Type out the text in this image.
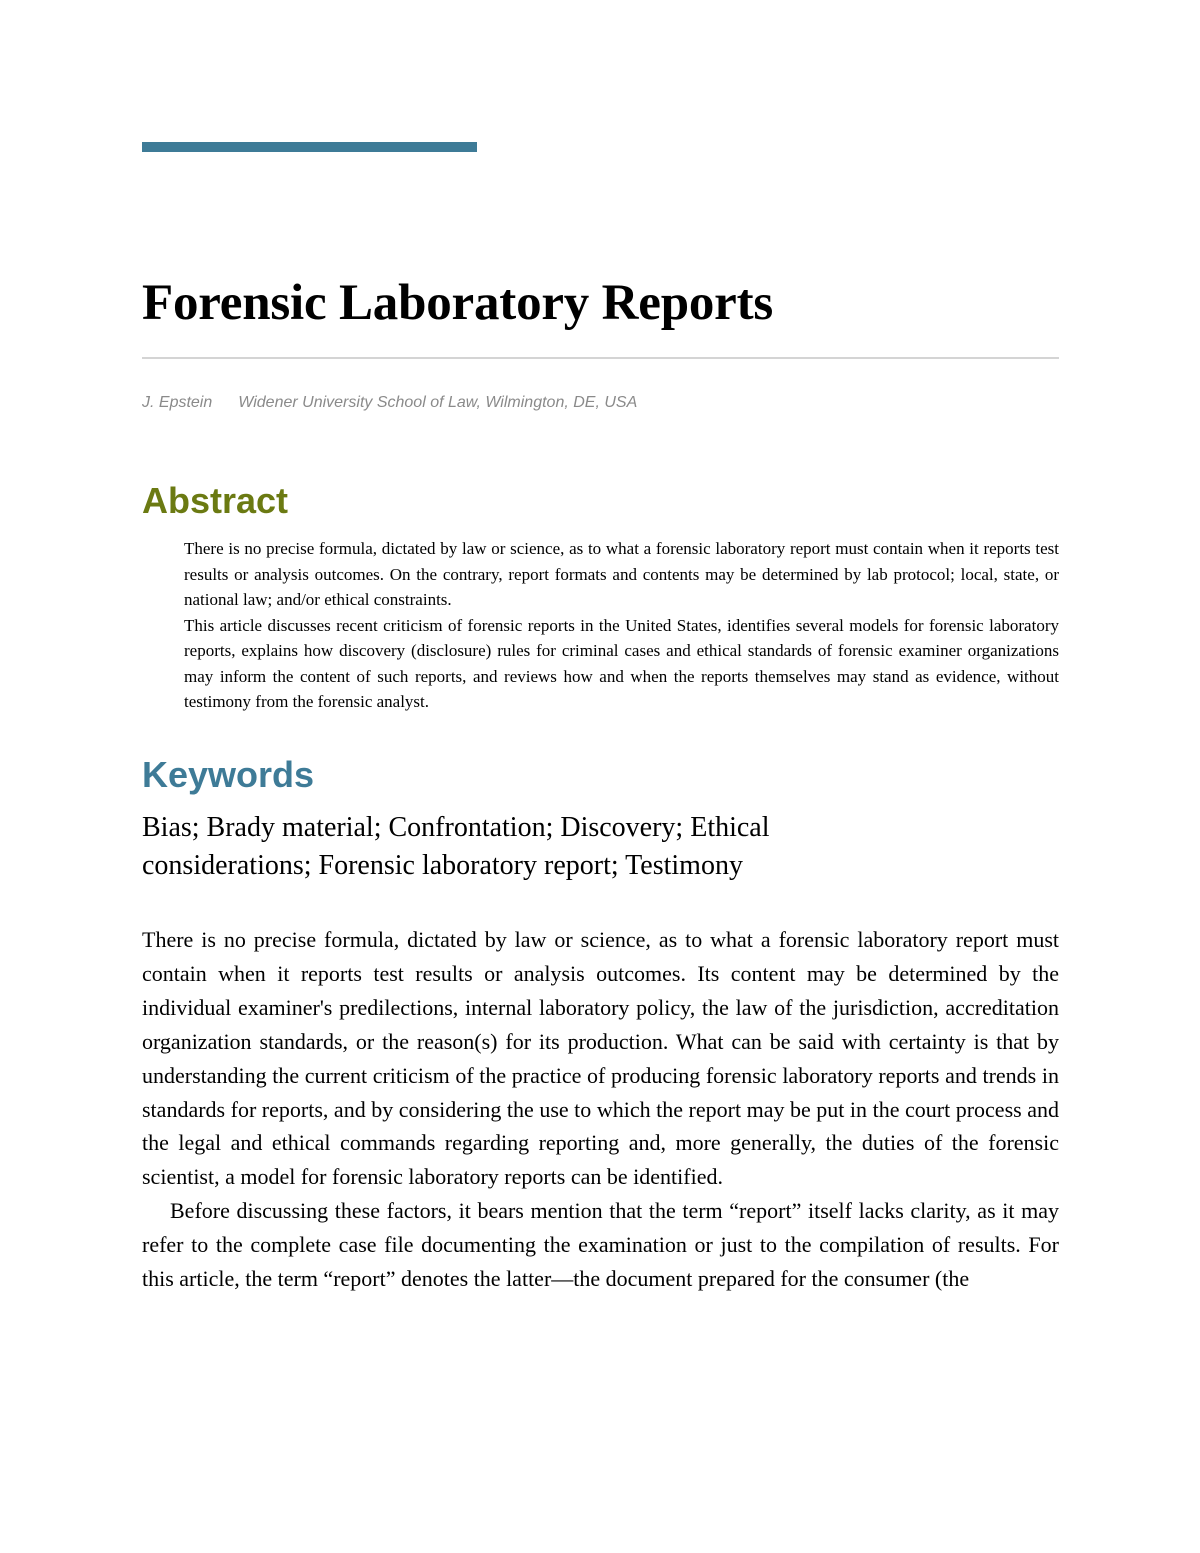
Forensic Laboratory Reports
J. Epstein Widener University School of Law, Wilmington, DE, USA
Abstract

There is no precise formula, dictated by law or science, as to what a forensic laboratory report must contain when it reports test results or analysis outcomes. On the contrary, report formats and contents may be determined by lab protocol; local, state, or national law; and/or ethical constraints.

This article discusses recent criticism of forensic reports in the United States, identifies several models for forensic laboratory reports, explains how discovery (disclosure) rules for criminal cases and ethical standards of forensic examiner organizations may inform the content of such reports, and reviews how and when the reports themselves may stand as evidence, without testimony from the forensic analyst.

Keywords
Bias; Brady material; Confrontation; Discovery; Ethical considerations; Forensic laboratory report; Testimony

There is no precise formula, dictated by law or science, as to what a forensic laboratory report must contain when it reports test results or analysis outcomes. Its content may be determined by the individual examiner's predilections, internal laboratory policy, the law of the jurisdiction, accreditation organization standards, or the reason(s) for its production. What can be said with certainty is that by understanding the current criticism of the practice of producing forensic laboratory reports and trends in standards for reports, and by considering the use to which the report may be put in the court process and the legal and ethical commands regarding reporting and, more generally, the duties of the forensic scientist, a model for forensic laboratory reports can be identified.

Before discussing these factors, it bears mention that the term “report” itself lacks clarity, as it may refer to the complete case file documenting the examination or just to the compilation of results. For this article, the term “report” denotes the latter—the document prepared for the consumer (the
